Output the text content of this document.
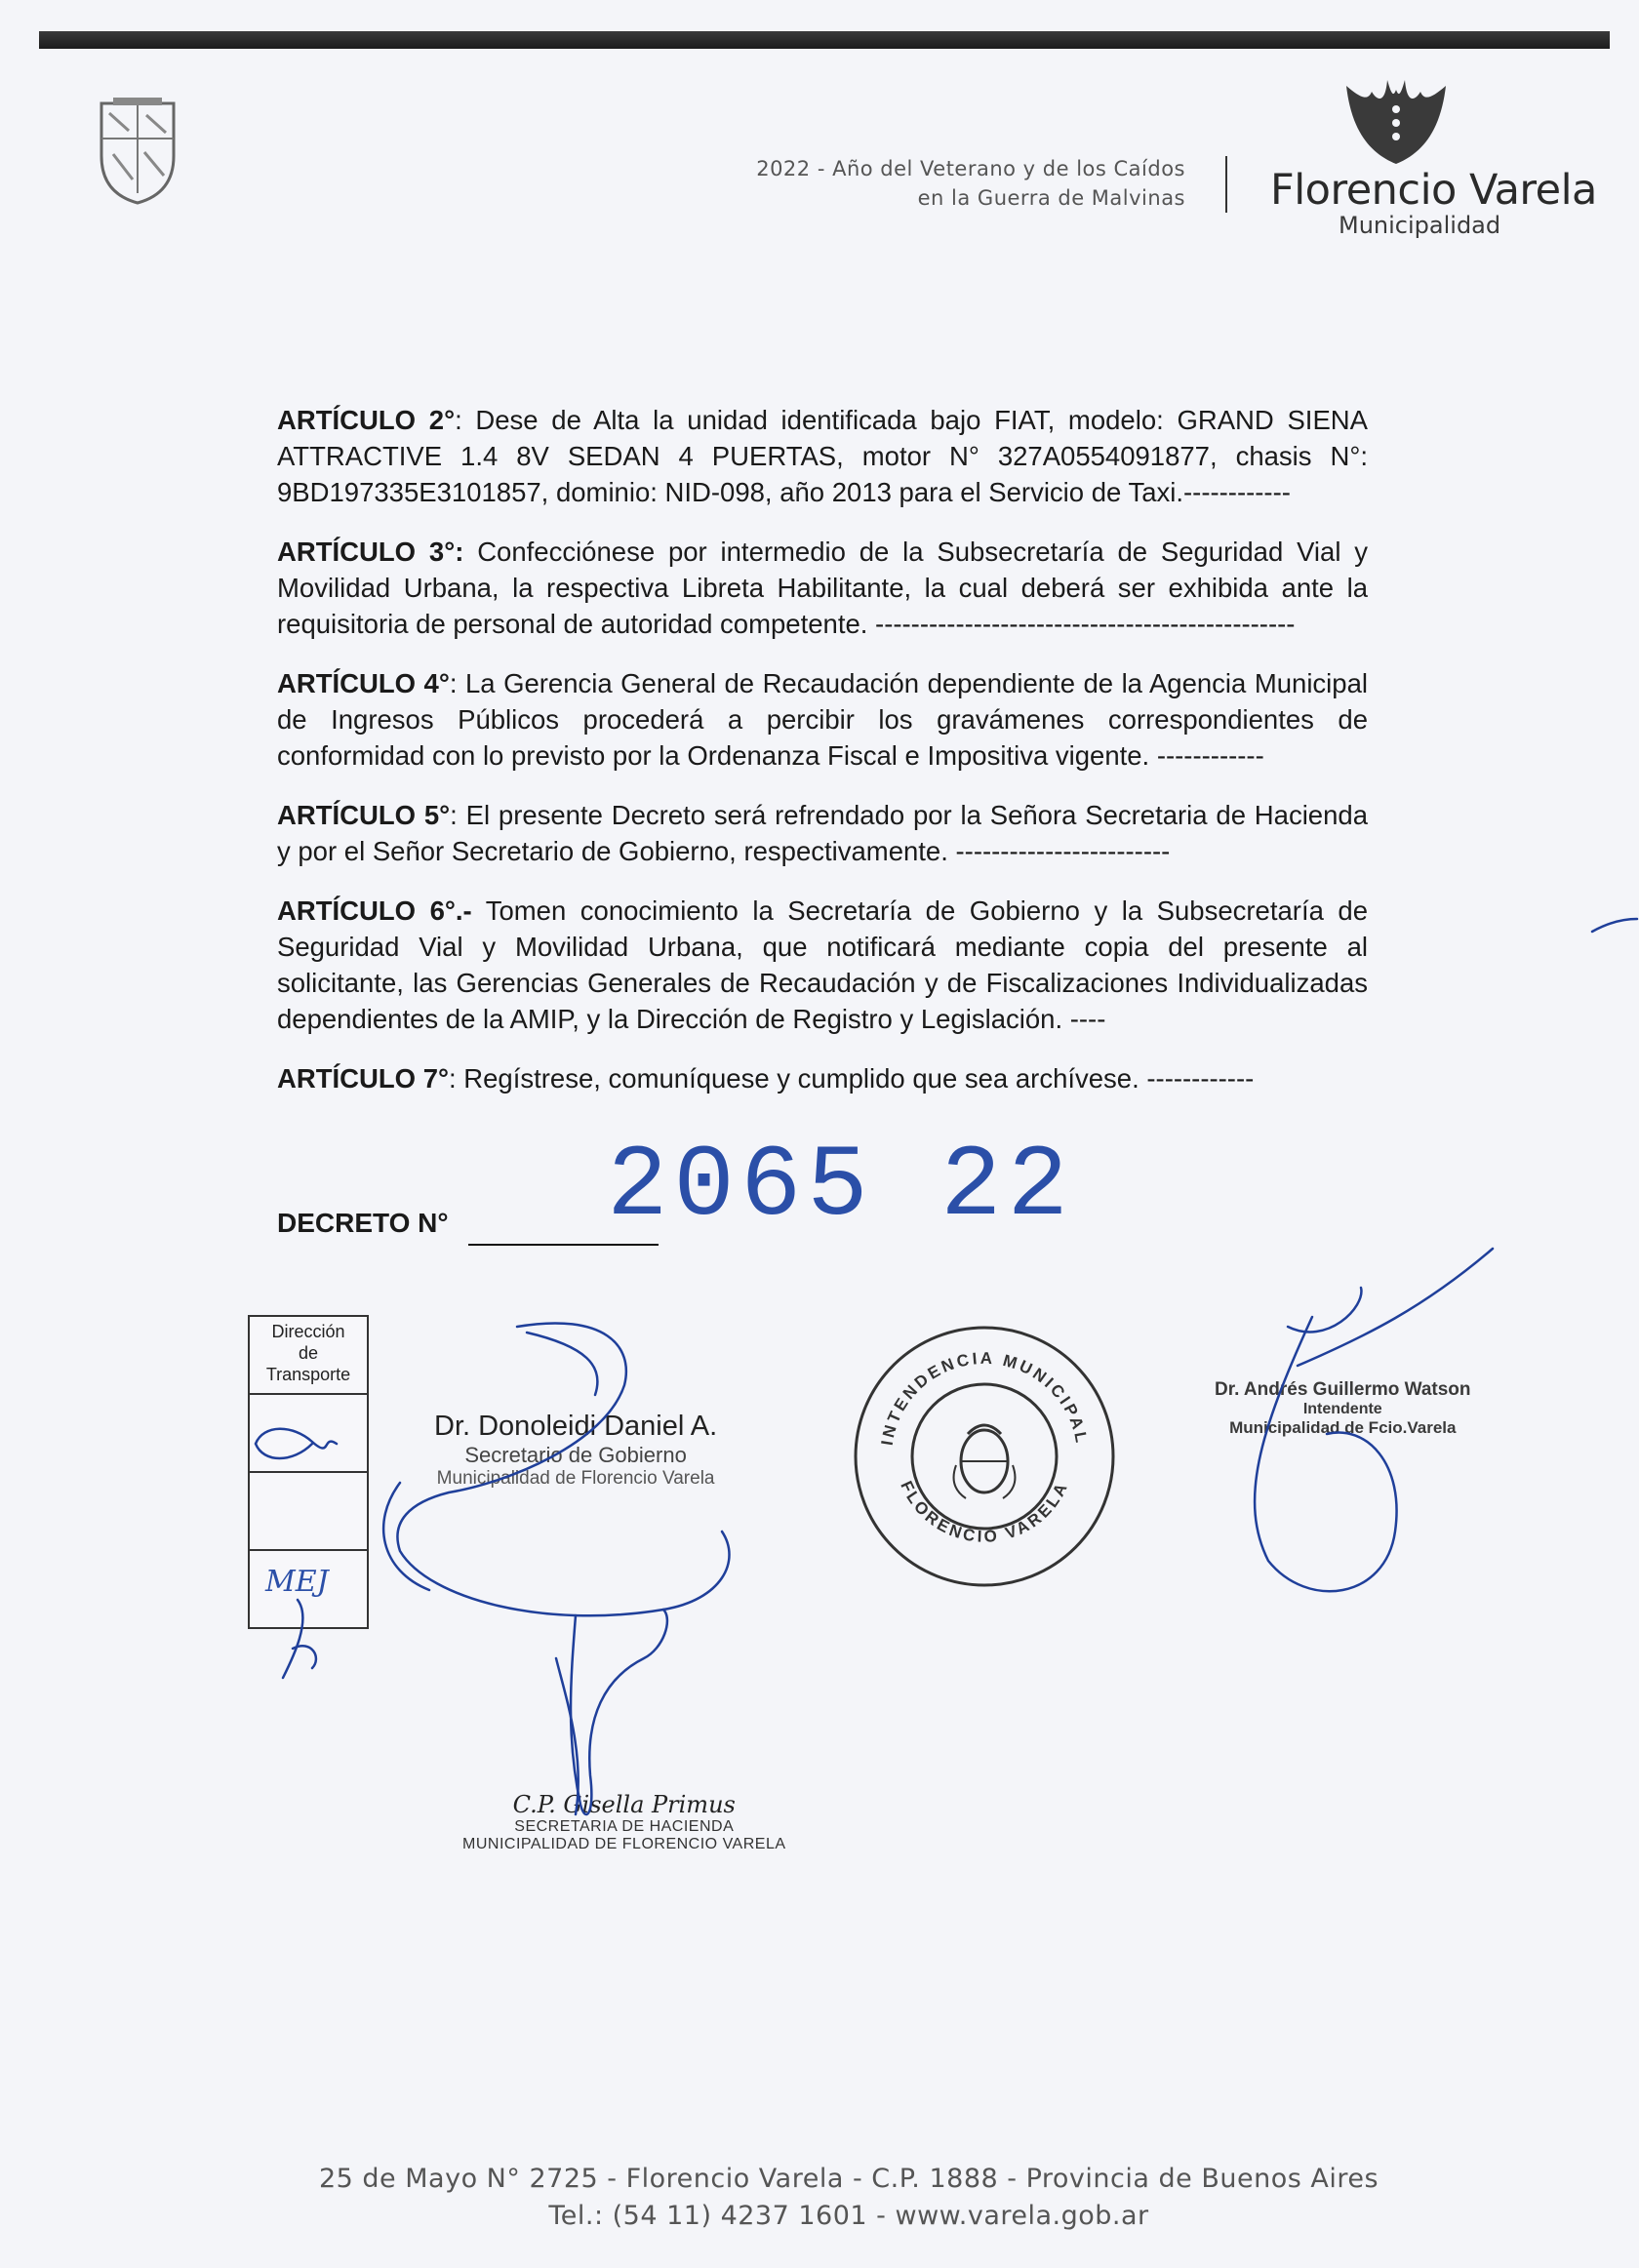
2022 - Año del Veterano y de los Caídos
en la Guerra de Malvinas Florencio Varela
Municipalidad

ARTÍCULO 2°: Dese de Alta la unidad identificada bajo FIAT, modelo: GRAND SIENA ATTRACTIVE 1.4 8V SEDAN 4 PUERTAS, motor N° 327A0554091877, chasis N°: 9BD197335E3101857, dominio: NID-098, año 2013 para el Servicio de Taxi.------------

ARTÍCULO 3°: Confecciónese por intermedio de la Subsecretaría de Seguridad Vial y Movilidad Urbana, la respectiva Libreta Habilitante, la cual deberá ser exhibida ante la requisitoria de personal de autoridad competente. -----------------------------------------------

ARTÍCULO 4°: La Gerencia General de Recaudación dependiente de la Agencia Municipal de Ingresos Públicos procederá a percibir los gravámenes correspondientes de conformidad con lo previsto por la Ordenanza Fiscal e Impositiva vigente. ------------

ARTÍCULO 5°: El presente Decreto será refrendado por la Señora Secretaria de Hacienda y por el Señor Secretario de Gobierno, respectivamente. ------------------------

ARTÍCULO 6°.- Tomen conocimiento la Secretaría de Gobierno y la Subsecretaría de Seguridad Vial y Movilidad Urbana, que notificará mediante copia del presente al solicitante, las Gerencias Generales de Recaudación y de Fiscalizaciones Individualizadas dependientes de la AMIP, y la Dirección de Registro y Legislación. ----

ARTÍCULO 7°: Regístrese, comuníquese y cumplido que sea archívese. ------------

DECRETO N° 2065 22
Dirección
de
Transporte
MEJ
Dr. Donoleidi Daniel A.
Secretario de Gobierno
Municipalidad de Florencio Varela
Dr. Andrés Guillermo Watson
Intendente
Municipalidad de Fcio.Varela
C.P. Gisella Primus
SECRETARIA DE HACIENDA
MUNICIPALIDAD DE FLORENCIO VARELA
INTENDENCIA MUNICIPAL
FLORENCIO VARELA
25 de Mayo N° 2725 - Florencio Varela - C.P. 1888 - Provincia de Buenos Aires
Tel.: (54 11) 4237 1601 - www.varela.gob.ar
